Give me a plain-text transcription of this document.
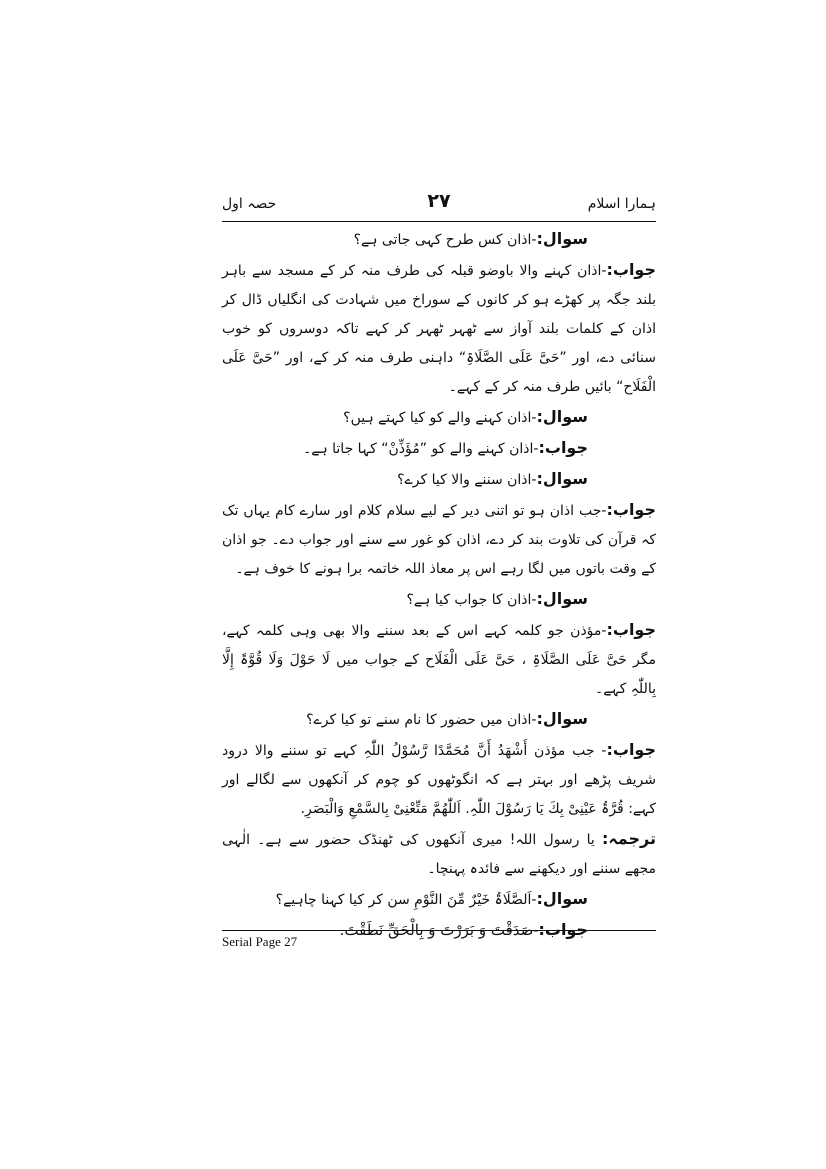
ہمارا اسلام
۲۷
حصہ اول

سوال:-اذان کس طرح کہی جاتی ہے؟

جواب:-اذان کہنے والا باوضو قبلہ کی طرف منہ کر کے مسجد سے باہر بلند جگہ پر کھڑے ہو کر کانوں کے سوراخ میں شہادت کی انگلیاں ڈال کر اذان کے کلمات بلند آواز سے ٹھہر ٹھہر کر کہے تاکہ دوسروں کو خوب سنائی دے، اور ”حَیَّ عَلَی الصَّلَاۃِ“ داہنی طرف منہ کر کے، اور ”حَیَّ عَلَی الْفَلَاح“ بائیں طرف منہ کر کے کہے۔

سوال:-اذان کہنے والے کو کیا کہتے ہیں؟

جواب:-اذان کہنے والے کو ”مُؤَذِّنْ“ کہا جاتا ہے۔

سوال:-اذان سننے والا کیا کرے؟

جواب:-جب اذان ہو تو اتنی دیر کے لیے سلام کلام اور سارے کام یہاں تک کہ قرآن کی تلاوت بند کر دے، اذان کو غور سے سنے اور جواب دے۔ جو اذان کے وقت باتوں میں لگا رہے اس پر معاذ اللہ خاتمہ برا ہونے کا خوف ہے۔

سوال:-اذان کا جواب کیا ہے؟

جواب:-مؤذن جو کلمہ کہے اس کے بعد سننے والا بھی وہی کلمہ کہے، مگر حَیَّ عَلَی الصَّلَاۃِ ، حَیَّ عَلَی الْفَلَاح کے جواب میں لَا حَوْلَ وَلَا قُوَّۃَ إِلَّا بِاللّٰہِ کہے۔

سوال:-اذان میں حضور کا نام سنے تو کیا کرے؟

جواب:- جب مؤذن أَشْهَدُ أَنَّ مُحَمَّدًا رَّسُوْلُ اللّٰہِ کہے تو سننے والا درود شریف پڑھے اور بہتر ہے کہ انگوٹھوں کو چوم کر آنکھوں سے لگالے اور کہے: قُرَّۃُ عَیْنِیْ بِكَ یَا رَسُوْلَ اللّٰہِ. اَللّٰهُمَّ مَتِّعْنِیْ بِالسَّمْعِ وَالْبَصَرِ.

ترجمہ: یا رسول اللہ! میری آنکھوں کی ٹھنڈک حضور سے ہے۔ الٰہی مجھے سننے اور دیکھنے سے فائدہ پہنچا۔

سوال:-اَلصَّلَاۃُ خَیْرٌ مِّنَ النَّوْمِ سن کر کیا کہنا چاہیے؟

جواب:-صَدَقْتَ وَ بَرَرْتَ وَ بِالْحَقِّ نَطَقْتَ.

Serial Page 27
